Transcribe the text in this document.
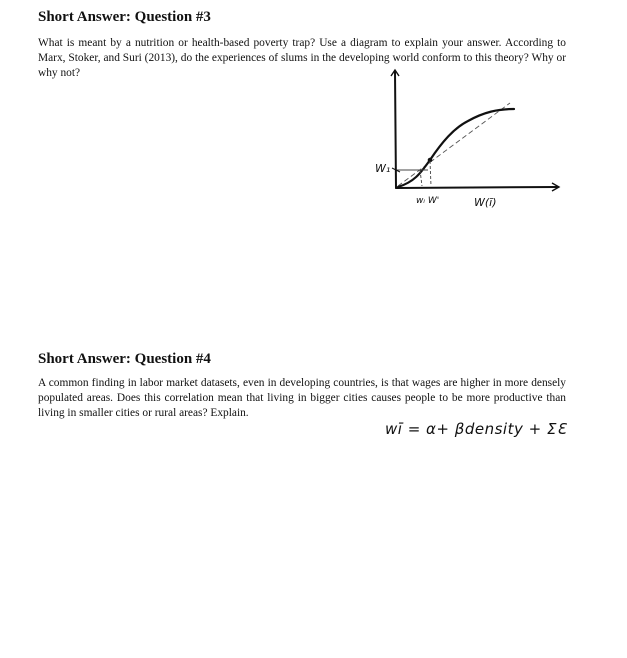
Short Answer: Question #3

What is meant by a nutrition or health-based poverty trap? Use a diagram to explain your answer. According to Marx, Stoker, and Suri (2013), do the experiences of slums in the developing world conform to this theory? Why or why not?

W₁
wᵢ W'	W(ī)
Short Answer: Question #4

A common finding in labor market datasets, even in developing countries, is that wages are higher in more densely populated areas. Does this correlation mean that living in bigger cities causes people to be more productive than living in smaller cities or rural areas? Explain.

wī = α+ βdensity + ΣƐ
